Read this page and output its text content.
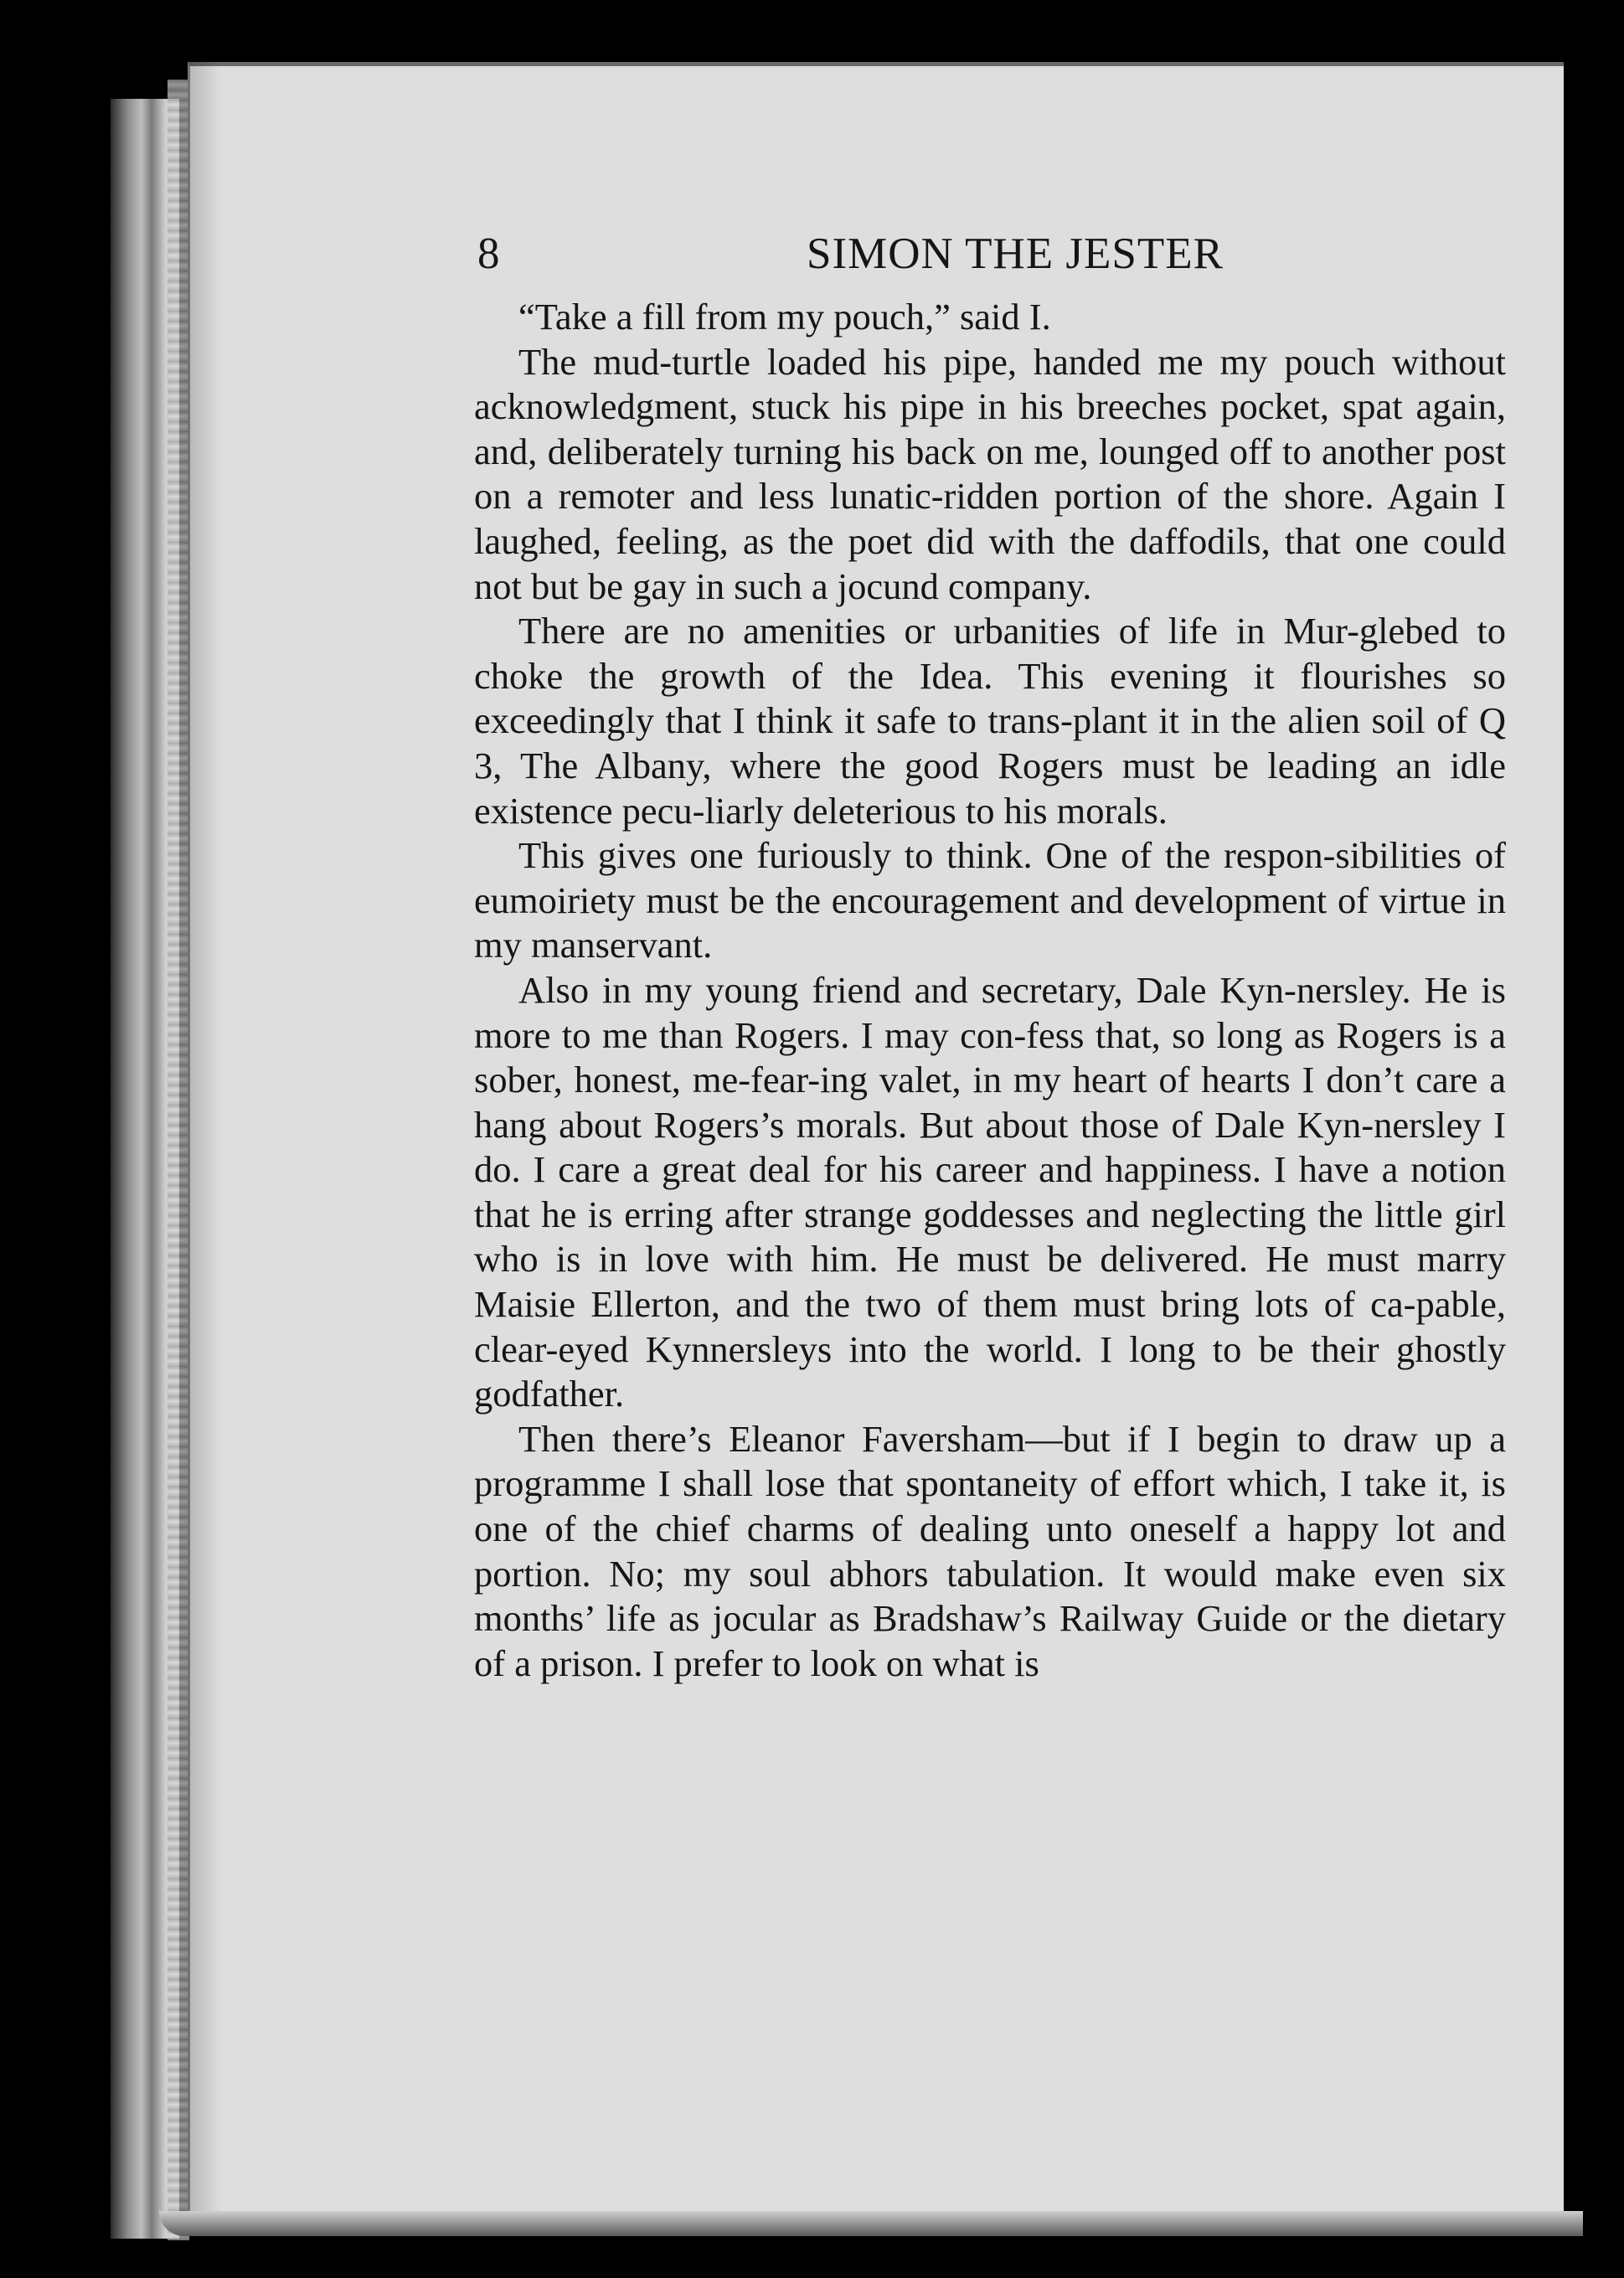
8	SIMON THE JESTER

“Take a fill from my pouch,” said I.

The mud-turtle loaded his pipe, handed me my pouch without acknowledgment, stuck his pipe in his breeches pocket, spat again, and, deliberately turning his back on me, lounged off to another post on a remoter and less lunatic-ridden portion of the shore. Again I laughed, feeling, as the poet did with the daffodils, that one could not but be gay in such a jocund company.

There are no amenities or urbanities of life in Mur-glebed to choke the growth of the Idea. This evening it flourishes so exceedingly that I think it safe to trans-plant it in the alien soil of Q 3, The Albany, where the good Rogers must be leading an idle existence pecu-liarly deleterious to his morals.

This gives one furiously to think. One of the respon-sibilities of eumoiriety must be the encouragement and development of virtue in my manservant.

Also in my young friend and secretary, Dale Kyn-nersley. He is more to me than Rogers. I may con-fess that, so long as Rogers is a sober, honest, me-fear-ing valet, in my heart of hearts I don’t care a hang about Rogers’s morals. But about those of Dale Kyn-nersley I do. I care a great deal for his career and happiness. I have a notion that he is erring after strange goddesses and neglecting the little girl who is in love with him. He must be delivered. He must marry Maisie Ellerton, and the two of them must bring lots of ca-pable, clear-eyed Kynnersleys into the world. I long to be their ghostly godfather.

Then there’s Eleanor Faversham—but if I begin to draw up a programme I shall lose that spontaneity of effort which, I take it, is one of the chief charms of dealing unto oneself a happy lot and portion. No; my soul abhors tabulation. It would make even six months’ life as jocular as Bradshaw’s Railway Guide or the dietary of a prison. I prefer to look on what is
